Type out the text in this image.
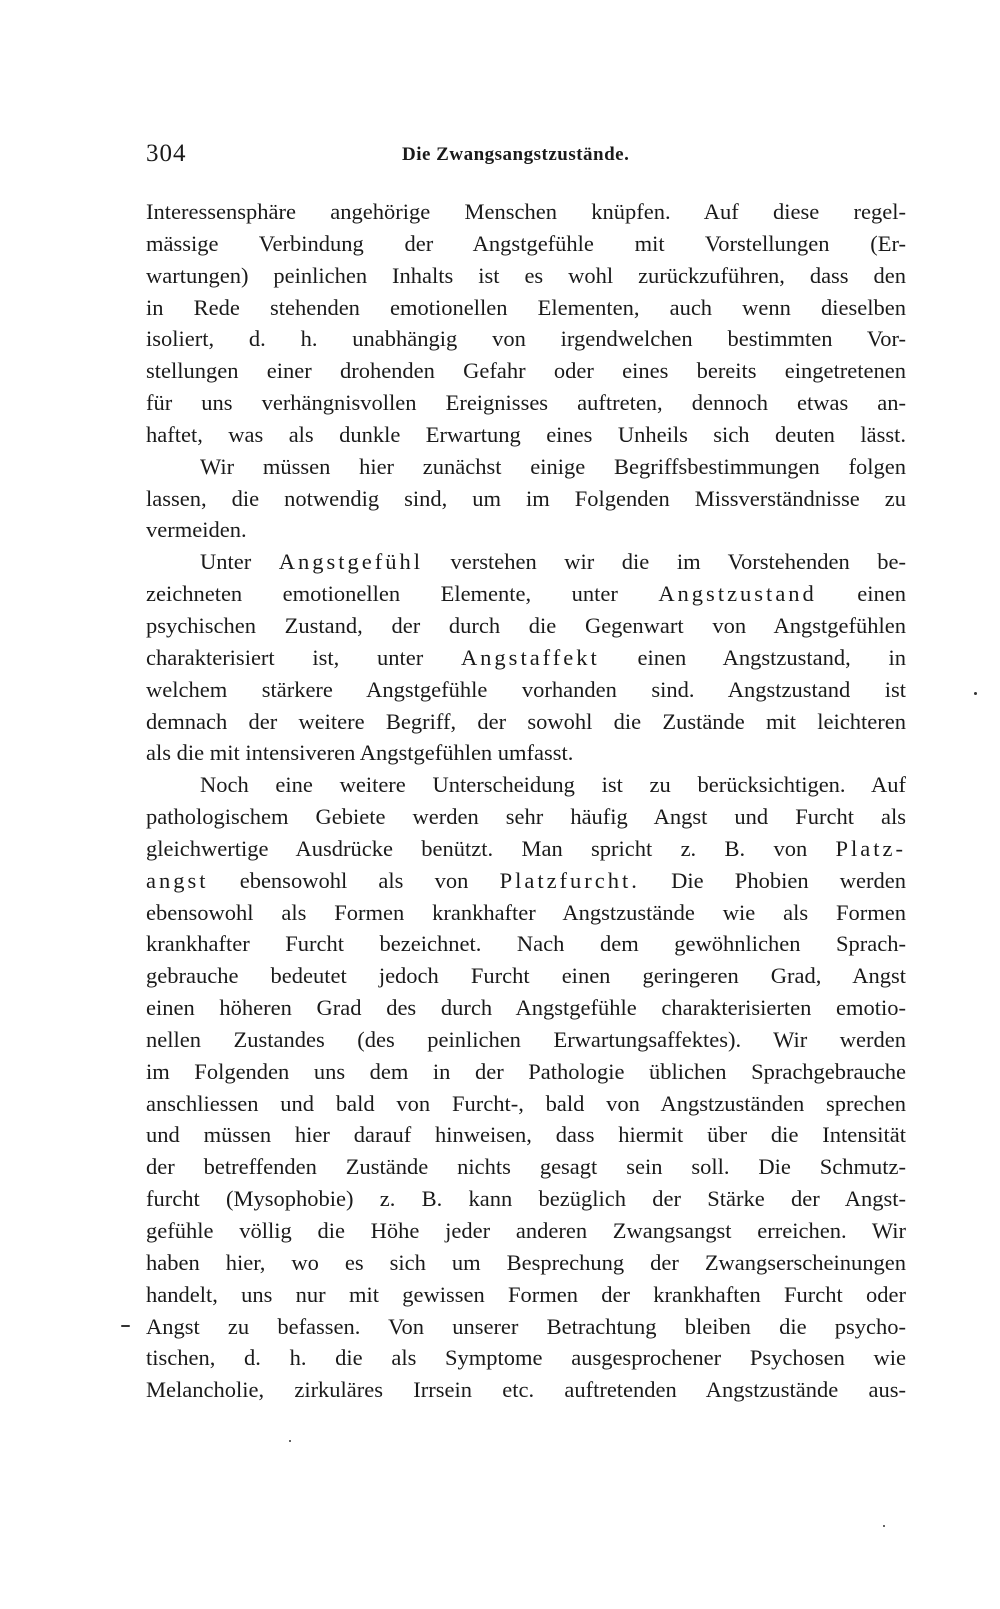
304	Die Zwangsangstzustände.
Interessensphäre angehörige Menschen knüpfen. Auf diese regel-
mässige Verbindung der Angstgefühle mit Vorstellungen (Er-
wartungen) peinlichen Inhalts ist es wohl zurückzuführen, dass den
in Rede stehenden emotionellen Elementen, auch wenn dieselben
isoliert, d. h. unabhängig von irgendwelchen bestimmten Vor-
stellungen einer drohenden Gefahr oder eines bereits eingetretenen
für uns verhängnisvollen Ereignisses auftreten, dennoch etwas an-
haftet, was als dunkle Erwartung eines Unheils sich deuten lässt.
Wir müssen hier zunächst einige Begriffsbestimmungen folgen
lassen, die notwendig sind, um im Folgenden Missverständnisse zu
vermeiden.
Unter Angstgefühl verstehen wir die im Vorstehenden be-
zeichneten emotionellen Elemente, unter Angstzustand einen
psychischen Zustand, der durch die Gegenwart von Angstgefühlen
charakterisiert ist, unter Angstaffekt einen Angstzustand, in
welchem stärkere Angstgefühle vorhanden sind. Angstzustand ist
demnach der weitere Begriff, der sowohl die Zustände mit leichteren
als die mit intensiveren Angstgefühlen umfasst.
Noch eine weitere Unterscheidung ist zu berücksichtigen. Auf
pathologischem Gebiete werden sehr häufig Angst und Furcht als
gleichwertige Ausdrücke benützt. Man spricht z. B. von Platz-
angst ebensowohl als von Platzfurcht. Die Phobien werden
ebensowohl als Formen krankhafter Angstzustände wie als Formen
krankhafter Furcht bezeichnet. Nach dem gewöhnlichen Sprach-
gebrauche bedeutet jedoch Furcht einen geringeren Grad, Angst
einen höheren Grad des durch Angstgefühle charakterisierten emotio-
nellen Zustandes (des peinlichen Erwartungsaffektes). Wir werden
im Folgenden uns dem in der Pathologie üblichen Sprachgebrauche
anschliessen und bald von Furcht-, bald von Angstzuständen sprechen
und müssen hier darauf hinweisen, dass hiermit über die Intensität
der betreffenden Zustände nichts gesagt sein soll. Die Schmutz-
furcht (Mysophobie) z. B. kann bezüglich der Stärke der Angst-
gefühle völlig die Höhe jeder anderen Zwangsangst erreichen. Wir
haben hier, wo es sich um Besprechung der Zwangserscheinungen
handelt, uns nur mit gewissen Formen der krankhaften Furcht oder
Angst zu befassen. Von unserer Betrachtung bleiben die psycho-
tischen, d. h. die als Symptome ausgesprochener Psychosen wie
Melancholie, zirkuläres Irrsein etc. auftretenden Angstzustände aus-
